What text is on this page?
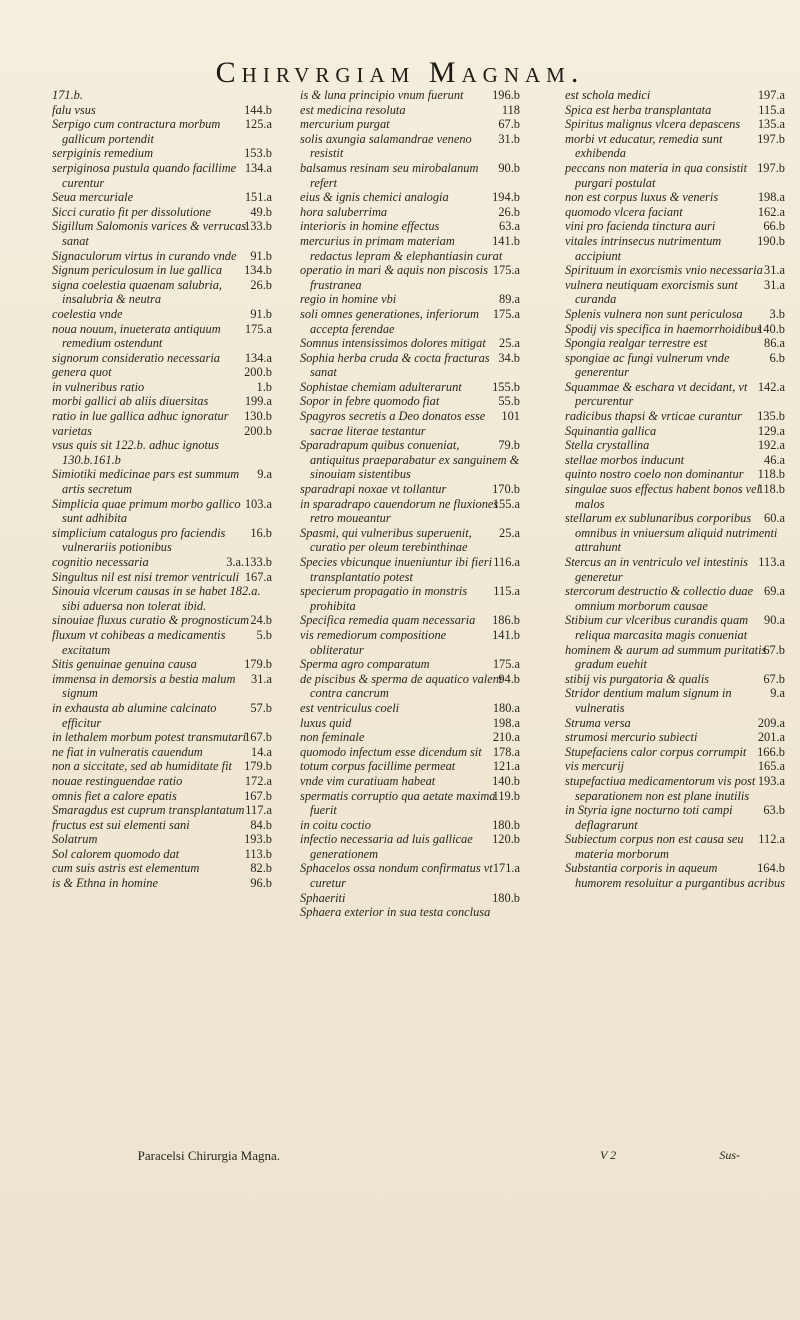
Chirvrgiam Magnam.

171.b.

144.b
falu vsus

125.a
Serpigo cum contractura morbum gallicum portendit

153.b
serpiginis remedium

134.a
serpiginosa pustula quando facillime curentur

151.a
Seua mercuriale

49.b
Sicci curatio fit per dissolutione

133.b
Sigillum Salomonis varices & verrucas sanat

91.b
Signaculorum virtus in curando vnde

134.b
Signum periculosum in lue gallica

26.b
signa coelestia quaenam salubria, insalubria & neutra

91.b
coelestia vnde

175.a
noua nouum, inueterata antiquum remedium ostendunt

134.a
signorum consideratio necessaria

200.b
genera quot

1.b
in vulneribus ratio

199.a
morbi gallici ab aliis diuersitas

130.b
ratio in lue gallica adhuc ignoratur

200.b
varietas

vsus quis sit 122.b. adhuc ignotus 130.b.161.b

9.a
Simiotiki medicinae pars est summum artis secretum

103.a
Simplicia quae primum morbo gallico sunt adhibita

16.b
simplicium catalogus pro faciendis vulnerariis potionibus

3.a.133.b
cognitio necessaria

167.a
Singultus nil est nisi tremor ventriculi

Sinouia vlcerum causas in se habet 182.a. sibi aduersa non tolerat ibid.

24.b
sinouiae fluxus curatio & prognosticum

5.b
fluxum vt cohibeas a medicamentis excitatum

179.b
Sitis genuinae genuina causa

31.a
immensa in demorsis a bestia malum signum

57.b
in exhausta ab alumine calcinato efficitur

167.b
in lethalem morbum potest transmutari

14.a
ne fiat in vulneratis cauendum

179.b
non a siccitate, sed ab humiditate fit

172.a
nouae restinguendae ratio

167.b
omnis fiet a calore epatis

117.a
Smaragdus est cuprum transplantatum

84.b
fructus est sui elementi sani

193.b
Solatrum

113.b
Sol calorem quomodo dat

82.b
cum suis astris est elementum

96.b
is & Ethna in homine

196.b
is & luna principio vnum fuerunt

118
est medicina resoluta

67.b
mercurium purgat

31.b
solis axungia salamandrae veneno resistit

90.b
balsamus resinam seu mirobalanum refert

194.b
eius & ignis chemici analogia

26.b
hora saluberrima

63.a
interioris in homine effectus

141.b
mercurius in primam materiam redactus lepram & elephantiasin curat

175.a
operatio in mari & aquis non piscosis frustranea

89.a
regio in homine vbi

175.a
soli omnes generationes, inferiorum accepta ferendae

25.a
Somnus intensissimos dolores mitigat

34.b
Sophia herba cruda & cocta fracturas sanat

155.b
Sophistae chemiam adulterarunt

55.b
Sopor in febre quomodo fiat

101
Spagyros secretis a Deo donatos esse sacrae literae testantur

79.b
Sparadrapum quibus conueniat, antiquitus praeparabatur ex sanguinem & sinouiam sistentibus

170.b
sparadrapi noxae vt tollantur

155.a
in sparadrapo cauendorum ne fluxiones retro moueantur

25.a
Spasmi, qui vulneribus superuenit, curatio per oleum terebinthinae

116.a
Species vbicunque inueniuntur ibi fieri transplantatio potest

115.a
specierum propagatio in monstris prohibita

186.b
Specifica remedia quam necessaria

141.b
vis remediorum compositione obliteratur

175.a
Sperma agro comparatum

94.b
de piscibus & sperma de aquatico valent contra cancrum

180.a
est ventriculus coeli

198.a
luxus quid

210.a
non feminale

178.a
quomodo infectum esse dicendum sit

121.a
totum corpus facillime permeat

140.b
vnde vim curatiuam habeat

119.b
spermatis corruptio qua aetate maxima fuerit

180.b
in coitu coctio

120.b
infectio necessaria ad luis gallicae generationem

171.a
Sphacelos ossa nondum confirmatus vt curetur

180.b
Sphaeriti

Sphaera exterior in sua testa conclusa

197.a
est schola medici

115.a
Spica est herba transplantata

135.a
Spiritus malignus vlcera depascens

197.b
morbi vt educatur, remedia sunt exhibenda

197.b
peccans non materia in qua consistit purgari postulat

198.a
non est corpus luxus & veneris

162.a
quomodo vlcera faciant

66.b
vini pro facienda tinctura auri

190.b
vitales intrinsecus nutrimentum accipiunt

31.a
Spirituum in exorcismis vnio necessaria

31.a
vulnera neutiquam exorcismis sunt curanda

3.b
Splenis vulnera non sunt periculosa

140.b
Spodij vis specifica in haemorrhoidibus

86.a
Spongia realgar terrestre est

6.b
spongiae ac fungi vulnerum vnde generentur

142.a
Squammae & eschara vt decidant, vt percurentur

135.b
radicibus thapsi & vrticae curantur

129.a
Squinantia gallica

192.a
Stella crystallina

46.a
stellae morbos inducunt

118.b
quinto nostro coelo non dominantur

118.b
singulae suos effectus habent bonos vel malos

60.a
stellarum ex sublunaribus corporibus omnibus in vniuersum aliquid nutrimenti attrahunt

113.a
Stercus an in ventriculo vel intestinis generetur

69.a
stercorum destructio & collectio duae omnium morborum causae

90.a
Stibium cur vlceribus curandis quam reliqua marcasita magis conueniat

67.b
hominem & aurum ad summum puritatis gradum euehit

67.b
stibij vis purgatoria & qualis

9.a
Stridor dentium malum signum in vulneratis

209.a
Struma versa

201.a
strumosi mercurio subiecti

166.b
Stupefaciens calor corpus corrumpit

165.a
vis mercurij

193.a
stupefactiua medicamentorum vis post separationem non est plane inutilis

63.b
in Styria igne nocturno toti campi deflagrarunt

112.a
Subiectum corpus non est causa seu materia morborum

164.b
Substantia corporis in aqueum humorem resoluitur a purgantibus acribus

Paracelsi Chirurgia Magna.	V 2	Sus-
